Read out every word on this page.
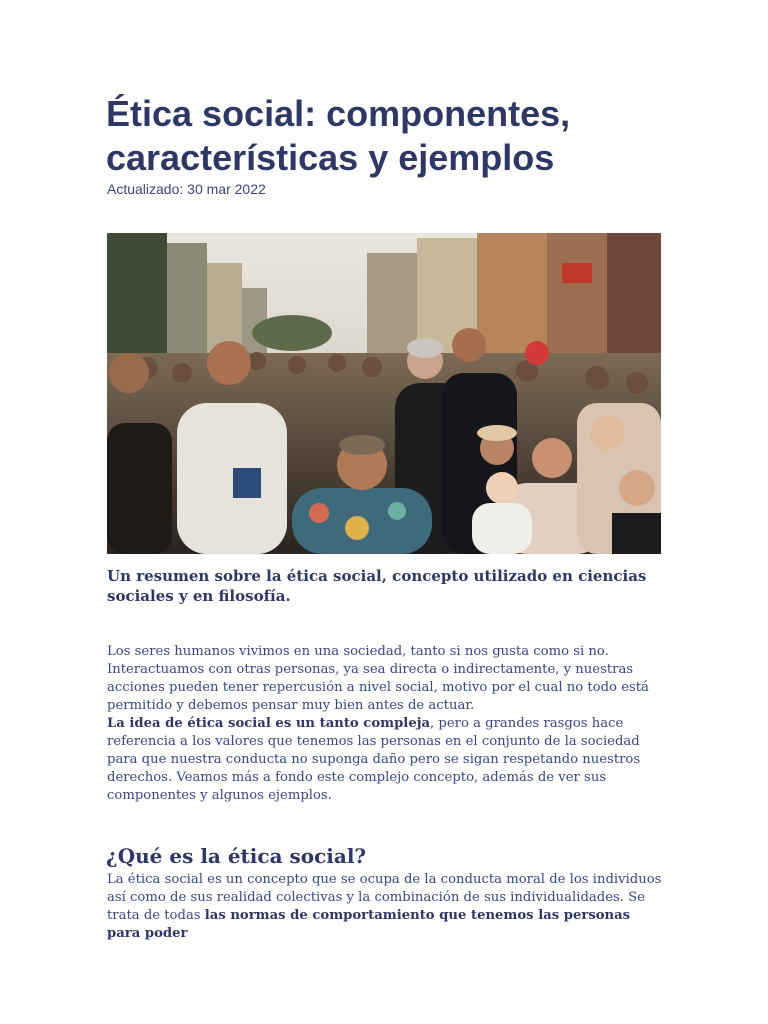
Ética social: componentes, características y ejemplos
Actualizado: 30 mar 2022

Un resumen sobre la ética social, concepto utilizado en ciencias sociales y en filosofía.

Los seres humanos vivimos en una sociedad, tanto si nos gusta como si no. Interactuamos con otras personas, ya sea directa o indirectamente, y nuestras acciones pueden tener repercusión a nivel social, motivo por el cual no todo está permitido y debemos pensar muy bien antes de actuar.

La idea de ética social es un tanto compleja, pero a grandes rasgos hace referencia a los valores que tenemos las personas en el conjunto de la sociedad para que nuestra conducta no suponga daño pero se sigan respetando nuestros derechos. Veamos más a fondo este complejo concepto, además de ver sus componentes y algunos ejemplos.

¿Qué es la ética social?

La ética social es un concepto que se ocupa de la conducta moral de los individuos así como de sus realidad colectivas y la combinación de sus individualidades. Se trata de todas las normas de comportamiento que tenemos las personas para poder
